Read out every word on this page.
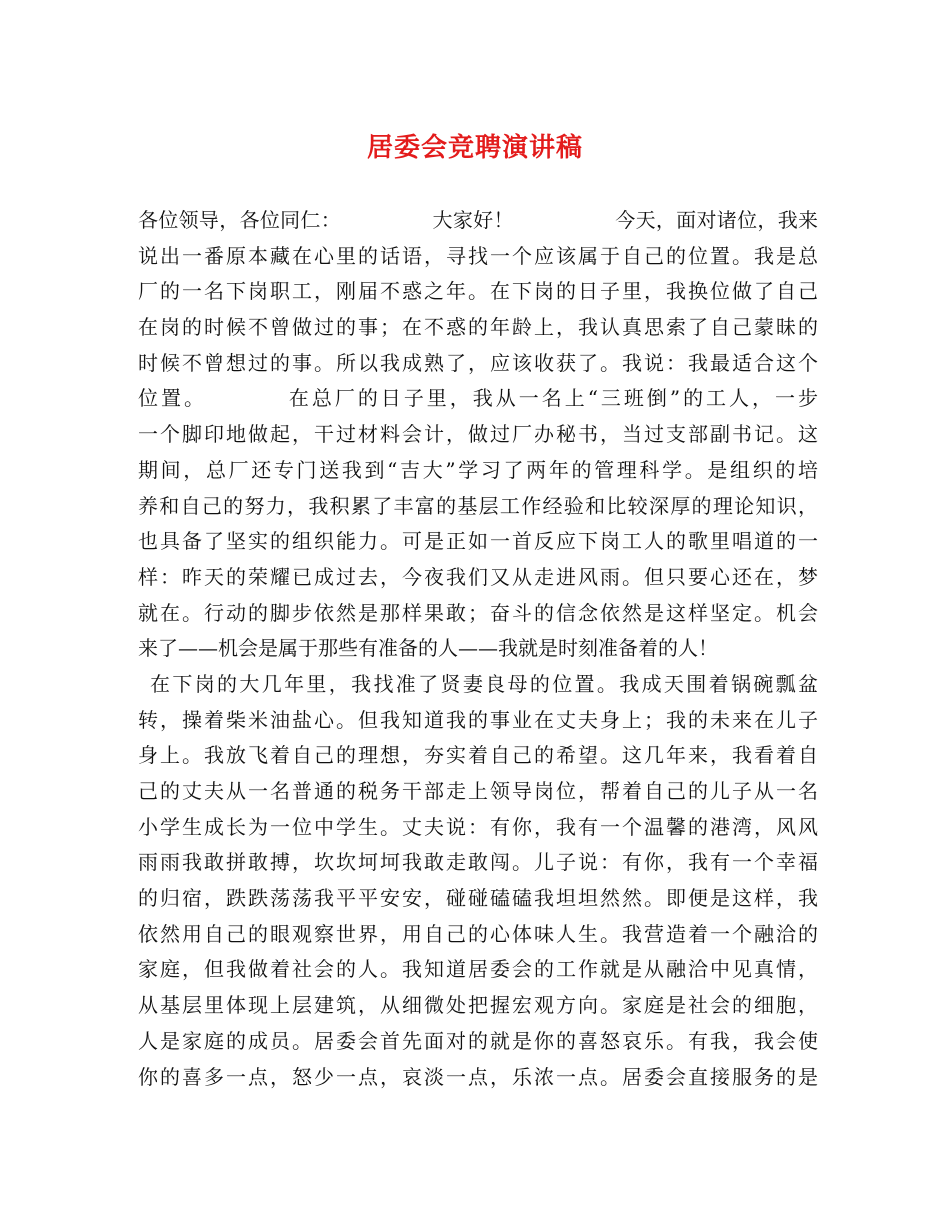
居委会竞聘演讲稿
各位领导，各位同仁：　　　　　大家好！　　　　　今天，面对诸位，我来
说出一番原本藏在心里的话语，寻找一个应该属于自己的位置。我是总
厂的一名下岗职工，刚届不惑之年。在下岗的日子里，我换位做了自己
在岗的时候不曾做过的事；在不惑的年龄上，我认真思索了自己蒙昧的
时候不曾想过的事。所以我成熟了，应该收获了。我说：我最适合这个
位置。　　　　在总厂的日子里，我从一名上“三班倒”的工人，一步
一个脚印地做起，干过材料会计，做过厂办秘书，当过支部副书记。这
期间，总厂还专门送我到“吉大”学习了两年的管理科学。是组织的培
养和自己的努力，我积累了丰富的基层工作经验和比较深厚的理论知识，
也具备了坚实的组织能力。可是正如一首反应下岗工人的歌里唱道的一
样：昨天的荣耀已成过去，今夜我们又从走进风雨。但只要心还在，梦
就在。行动的脚步依然是那样果敢；奋斗的信念依然是这样坚定。机会
来了——机会是属于那些有准备的人——我就是时刻准备着的人！
在下岗的大几年里，我找准了贤妻良母的位置。我成天围着锅碗瓢盆
转，操着柴米油盐心。但我知道我的事业在丈夫身上；我的未来在儿子
身上。我放飞着自己的理想，夯实着自己的希望。这几年来，我看着自
己的丈夫从一名普通的税务干部走上领导岗位，帮着自己的儿子从一名
小学生成长为一位中学生。丈夫说：有你，我有一个温馨的港湾，风风
雨雨我敢拼敢搏，坎坎坷坷我敢走敢闯。儿子说：有你，我有一个幸福
的归宿，跌跌荡荡我平平安安，碰碰磕磕我坦坦然然。即便是这样，我
依然用自己的眼观察世界，用自己的心体味人生。我营造着一个融洽的
家庭，但我做着社会的人。我知道居委会的工作就是从融洽中见真情，
从基层里体现上层建筑，从细微处把握宏观方向。家庭是社会的细胞，
人是家庭的成员。居委会首先面对的就是你的喜怒哀乐。有我，我会使
你的喜多一点，怒少一点，哀淡一点，乐浓一点。居委会直接服务的是
